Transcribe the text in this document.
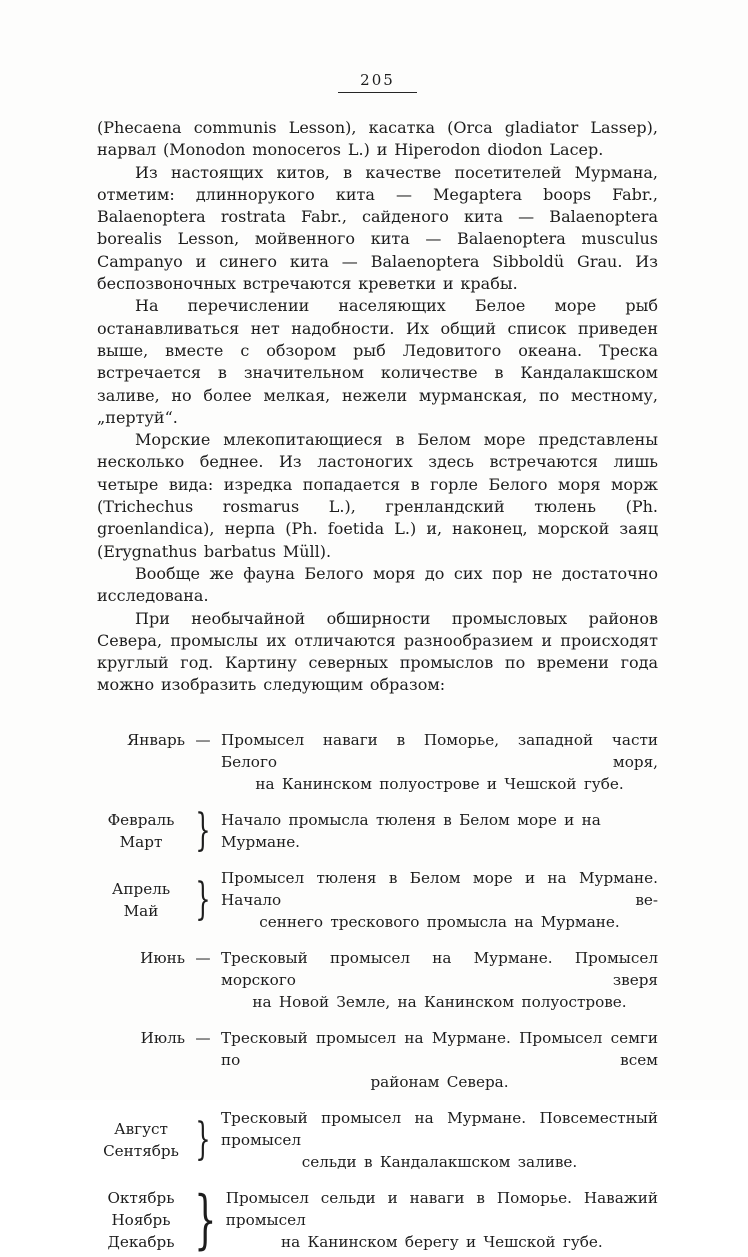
205

(Phecaena communis Lesson), касатка (Orca gladiator Lassep), нарвал (Monodon monoceros L.) и Hiperodon diodon Lacep.

Из настоящих китов, в качестве посетителей Мурмана, отметим: длиннорукого кита — Megaptera boops Fabr., Balaenoptera rostrata Fabr., сайденого кита — Balaenoptera borealis Lesson, мойвенного кита — Balaenoptera musculus Campanyo и синего кита — Balaenoptera Sibboldü Grau. Из беспозвоночных встречаются креветки и крабы.

На перечислении населяющих Белое море рыб останавливаться нет надобности. Их общий список приведен выше, вместе с обзором рыб Ледовитого океана. Треска встречается в значительном количестве в Кандалакшском заливе, но более мелкая, нежели мурманская, по местному, „пертуй“.

Морские млекопитающиеся в Белом море представлены несколько беднее. Из ластоногих здесь встречаются лишь четыре вида: изредка попадается в горле Белого моря морж (Trichechus rosmarus L.), гренландский тюлень (Ph. groenlandica), нерпа (Ph. foetida L.) и, наконец, морской заяц (Erygnathus barbatus Müll).

Вообще же фауна Белого моря до сих пор не достаточно исследована.

При необычайной обширности промысловых районов Севера, промыслы их отличаются разнообразием и происходят круглый год. Картину северных промыслов по времени года можно изобразить следующим образом:

Январь — Промысел наваги в Поморье, западной части Белого моря,
на Канинском полуострове и Чешской губе.
Февраль
Март } Начало промысла тюленя в Белом море и на Мурмане.
Апрель
Май } Промысел тюленя в Белом море и на Мурмане. Начало ве-
сеннего трескового промысла на Мурмане.
Июнь — Тресковый промысел на Мурмане. Промысел морского зверя
на Новой Земле, на Канинском полуострове.
Июль — Тресковый промысел на Мурмане. Промысел семги по всем
районам Севера.
Август
Сентябрь } Тресковый промысел на Мурмане. Повсеместный промысел
сельди в Кандалакшском заливе.
Октябрь
Ноябрь
Декабрь } Промысел сельди и наваги в Поморье. Наважий промысел
на Канинском берегу и Чешской губе.
